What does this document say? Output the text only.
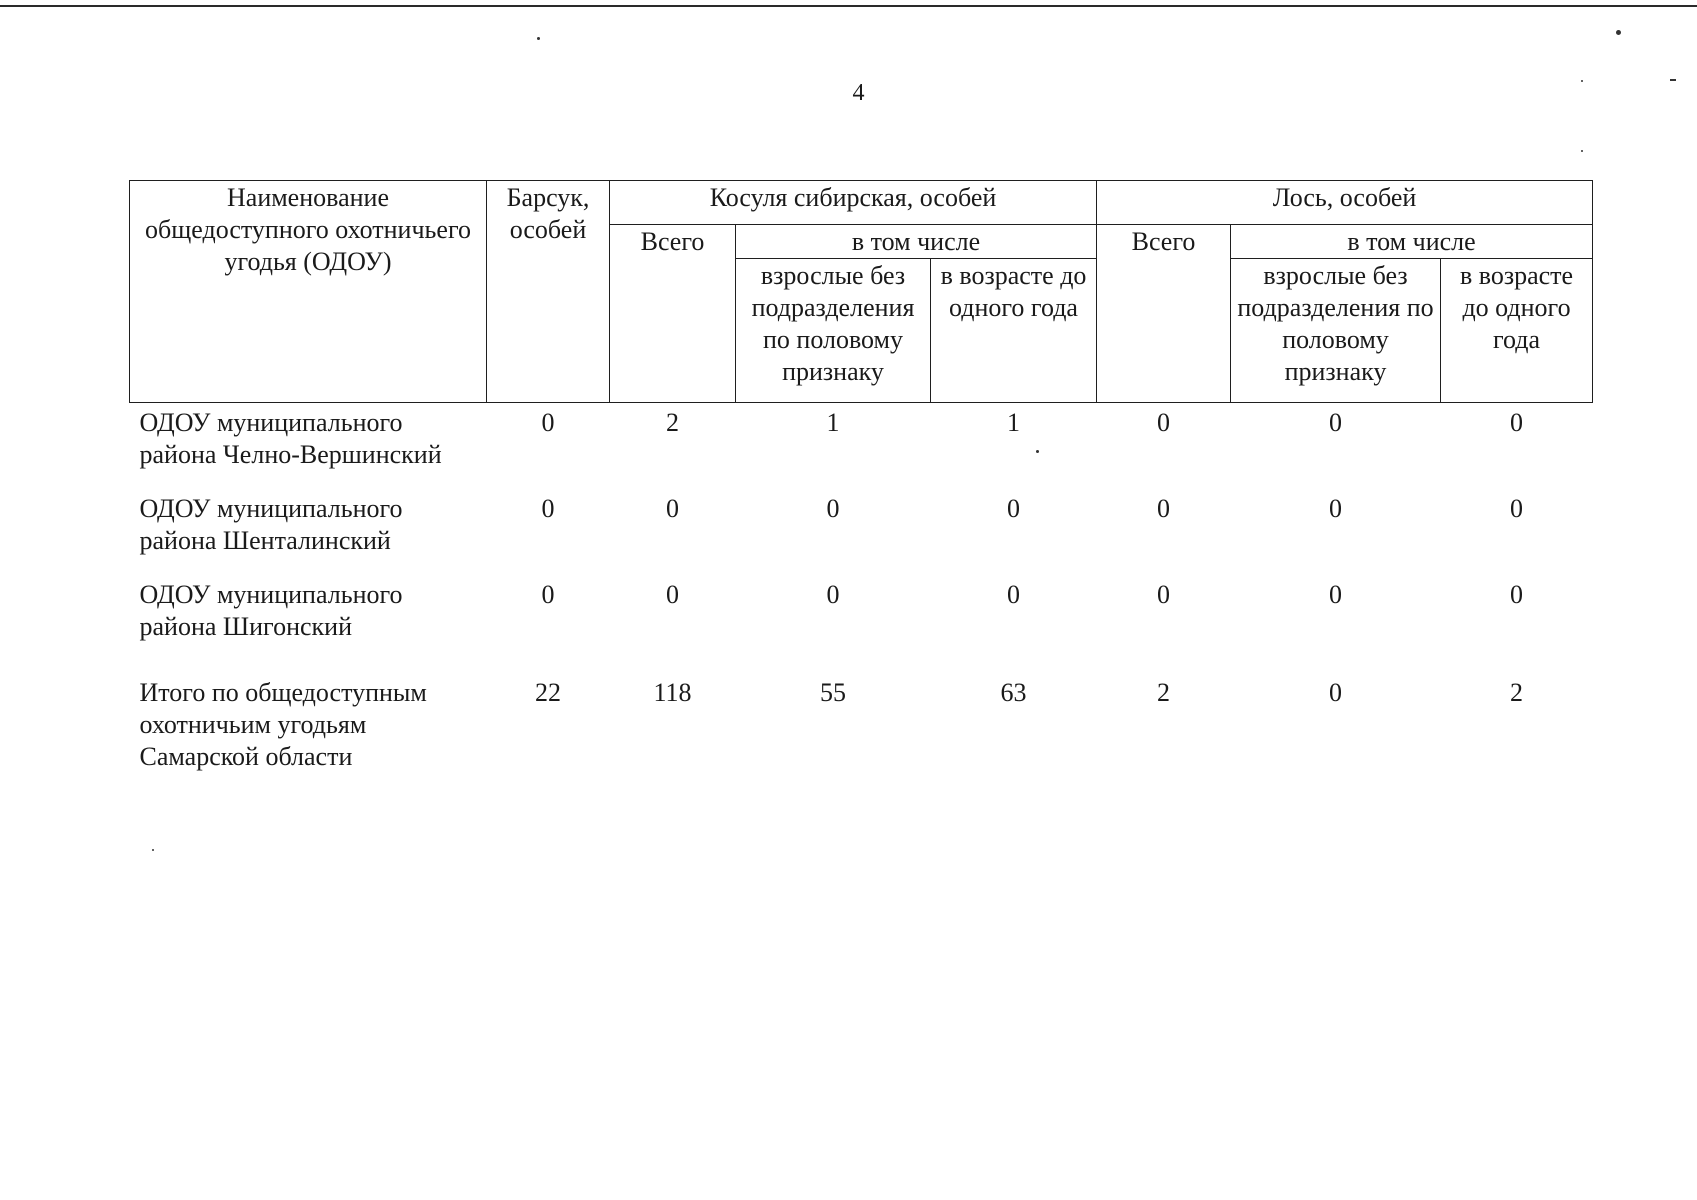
4
Наименование общедоступного охотничьего угодья (ОДОУ)	Барсук, особей	Косуля сибирская, особей			Лось, особей		
		Всего	в том числе		Всего	в том числе	
			взрослые без подразделения по половому признаку	в возрасте до одного года		взрослые без подразделения по половому признаку	в возрасте до одного года
ОДОУ муниципального района Челно-Вершинский	0	2	1	1	0	0	0
ОДОУ муниципального района Шенталинский	0	0	0	0	0	0	0
ОДОУ муниципального района Шигонский	0	0	0	0	0	0	0
Итого по общедоступным охотничьим угодьям Самарской области	22	118	55	63	2	0	2
